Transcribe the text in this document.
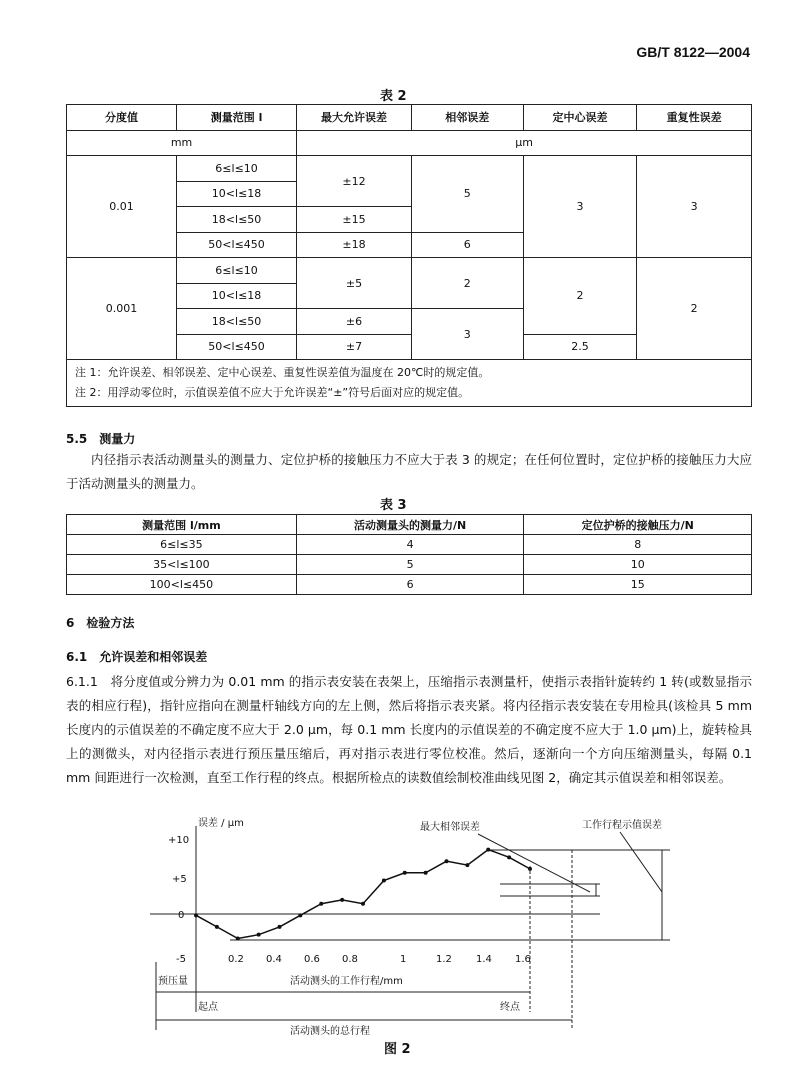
GB/T 8122—2004
表 2
分度值	测量范围 l	最大允许误差	相邻误差	定中心误差	重复性误差
mm		μm			
0.01	6≤l≤10	±12	5	3	3
	10<l≤18				
	18<l≤50	±15			
	50<l≤450	±18	6		
0.001	6≤l≤10	±5	2	2	2
	10<l≤18				
	18<l≤50	±6	3		
	50<l≤450	±7		2.5	

注 1：允许误差、相邻误差、定中心误差、重复性误差值为温度在 20℃时的规定值。
注 2：用浮动零位时，示值误差值不应大于允许误差“±”符号后面对应的规定值。					
5.5　测量力
内径指示表活动测量头的测量力、定位护桥的接触压力不应大于表 3 的规定；在任何位置时，定位护桥的接触压力大应于活动测量头的测量力。
表 3
测量范围 l/mm	活动测量头的测量力/N	定位护桥的接触压力/N
6≤l≤35	4	8
35<l≤100	5	10
100<l≤450	6	15
6　检验方法
6.1　允许误差和相邻误差
6.1.1　将分度值或分辨力为 0.01 mm 的指示表安装在表架上，压缩指示表测量杆，使指示表指针旋转约 1 转(或数显指示表的相应行程)，指针应指向在测量杆轴线方向的左上侧，然后将指示表夹紧。将内径指示表安装在专用检具(该检具 5 mm 长度内的示值误差的不确定度不应大于 2.0 μm，每 0.1 mm 长度内的示值误差的不确定度不应大于 1.0 μm)上，旋转检具上的测微头，对内径指示表进行预压量压缩后，再对指示表进行零位校准。然后，逐渐向一个方向压缩测量头，每隔 0.1 mm 间距进行一次检测，直至工作行程的终点。根据所检点的读数值绘制校准曲线见图 2，确定其示值误差和相邻误差。
误差 / μm
+10
+5
0
-5	0.2 0.4 0.6 0.8	1	1.2 1.4 1.6
最大相邻误差	工作行程示值误差
预压量	活动测头的工作行程/mm
起点	终点
活动测头的总行程
图 2
